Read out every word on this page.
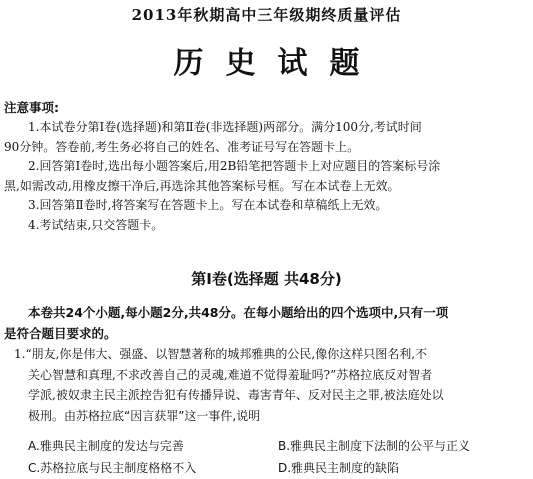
2013年秋期高中三年级期终质量评估
历史试题
注意事项:

1.本试卷分第Ⅰ卷(选择题)和第Ⅱ卷(非选择题)两部分。满分100分,考试时间

90分钟。答卷前,考生务必将自己的姓名、准考证号写在答题卡上。

2.回答第Ⅰ卷时,选出每小题答案后,用2B铅笔把答题卡上对应题目的答案标号涂

黑,如需改动,用橡皮擦干净后,再选涂其他答案标号框。写在本试卷上无效。

3.回答第Ⅱ卷时,将答案写在答题卡上。写在本试卷和草稿纸上无效。

4.考试结束,只交答题卡。

第Ⅰ卷(选择题 共48分)

本卷共24个小题,每小题2分,共48分。在每小题给出的四个选项中,只有一项

是符合题目要求的。

1.“朋友,你是伟大、强盛、以智慧著称的城邦雅典的公民,像你这样只图名利,不

关心智慧和真理,不求改善自己的灵魂,难道不觉得羞耻吗?”苏格拉底反对智者

学派,被奴隶主民主派控告犯有传播异说、毒害青年、反对民主之罪,被法庭处以

极刑。由苏格拉底“因言获罪”这一事件,说明

A.雅典民主制度的发达与完善	B.雅典民主制度下法制的公平与正义
C.苏格拉底与民主制度格格不入	D.雅典民主制度的缺陷
